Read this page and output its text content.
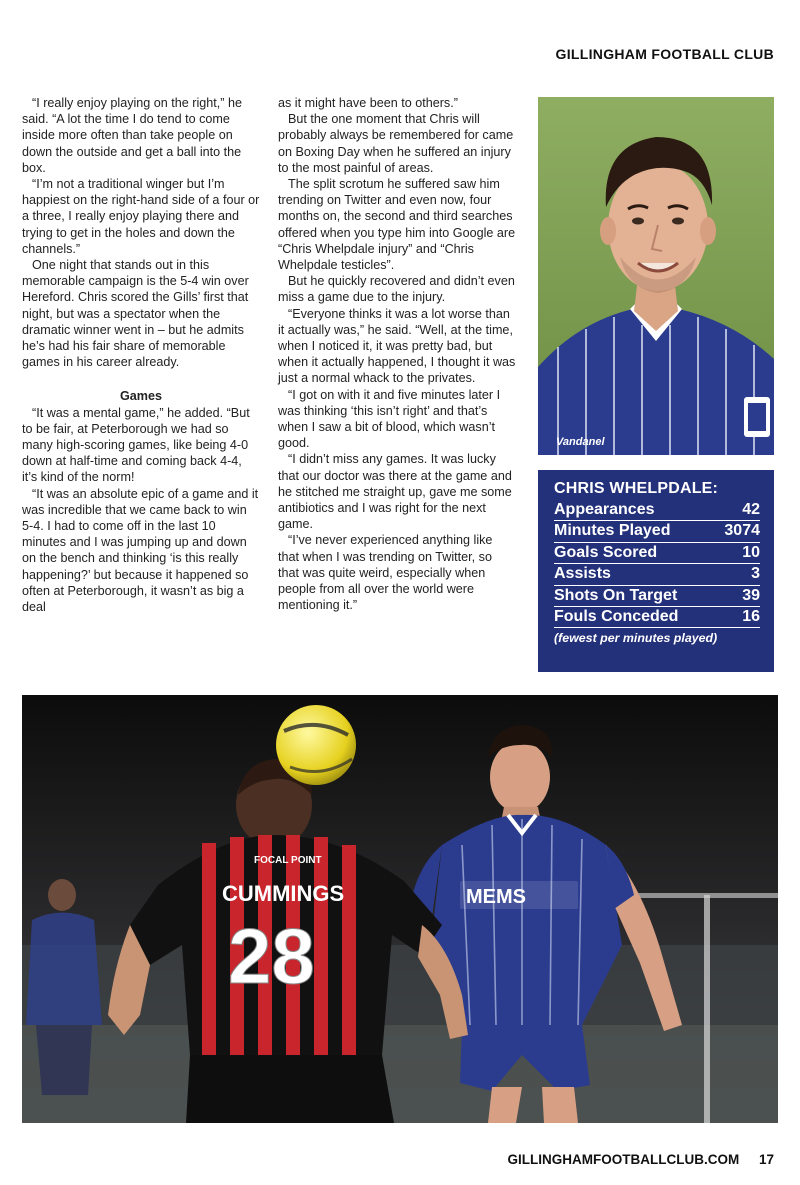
GILLINGHAM FOOTBALL CLUB

“I really enjoy playing on the right,” he said. “A lot the time I do tend to come inside more often than take people on down the outside and get a ball into the box.

“I’m not a traditional winger but I’m happiest on the right-hand side of a four or a three, I really enjoy playing there and trying to get in the holes and down the channels.”

One night that stands out in this memorable campaign is the 5-4 win over Hereford. Chris scored the Gills’ first that night, but was a spectator when the dramatic winner went in – but he admits he’s had his fair share of memorable games in his career already.

Games

“It was a mental game,” he added. “But to be fair, at Peterborough we had so many high-scoring games, like being 4-0 down at half-time and coming back 4-4, it’s kind of the norm!

“It was an absolute epic of a game and it was incredible that we came back to win 5-4. I had to come off in the last 10 minutes and I was jumping up and down on the bench and thinking ‘is this really happening?’ but because it happened so often at Peterborough, it wasn’t as big a deal

as it might have been to others.”

But the one moment that Chris will probably always be remembered for came on Boxing Day when he suffered an injury to the most painful of areas.

The split scrotum he suffered saw him trending on Twitter and even now, four months on, the second and third searches offered when you type him into Google are “Chris Whelpdale injury” and “Chris Whelpdale testicles”.

But he quickly recovered and didn’t even miss a game due to the injury.

“Everyone thinks it was a lot worse than it actually was,” he said. “Well, at the time, when I noticed it, it was pretty bad, but when it actually happened, I thought it was just a normal whack to the privates.

“I got on with it and five minutes later I was thinking ‘this isn’t right’ and that’s when I saw a bit of blood, which wasn’t good.

“I didn’t miss any games. It was lucky that our doctor was there at the game and he stitched me straight up, gave me some antibiotics and I was right for the next game.

“I’ve never experienced anything like that when I was trending on Twitter, so that was quite weird, especially when people from all over the world were mentioning it.”

Vandanel
CHRIS WHELPDALE:
Appearances	42
Minutes Played	3074
Goals Scored	10
Assists	3
Shots On Target	39
Fouls Conceded	16
(fewest per minutes played)
MEMS
FOCAL POINT
CUMMINGS
28
GILLINGHAMFOOTBALLCLUB.COM 17
